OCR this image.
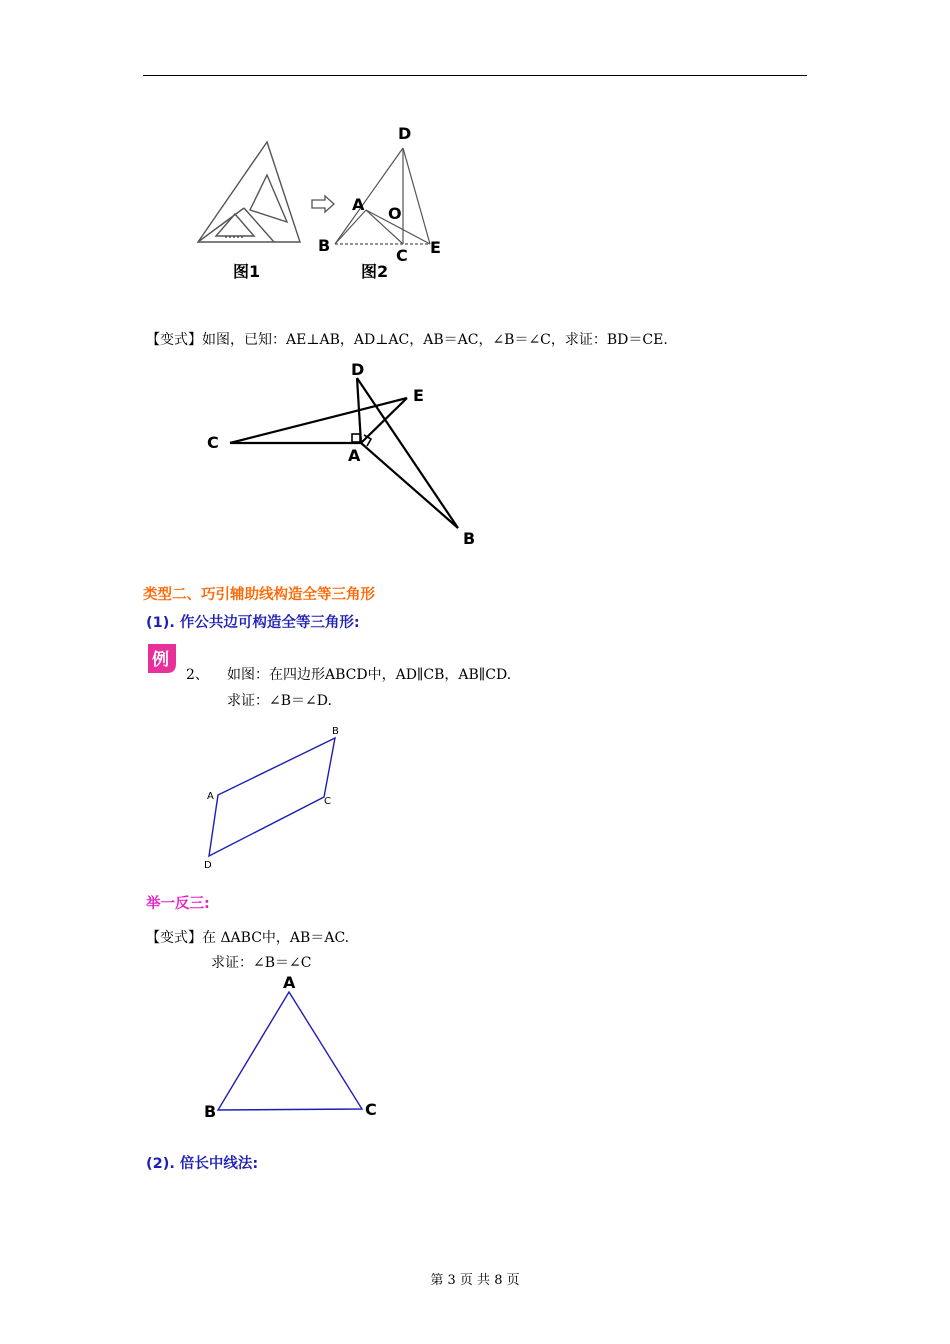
D
A O
B
C E
图1	图2
【变式】如图，已知：AE⊥AB，AD⊥AC，AB＝AC，∠B＝∠C，求证：BD＝CE.
D
E
C
A
B
类型二、巧引辅助线构造全等三角形
(1). 作公共边可构造全等三角形:
例
2、 如图：在四边形ABCD中，AD∥CB，AB∥CD.
求证：∠B＝∠D.
A
B
C
D
举一反三:
【变式】在 ΔABC中，AB＝AC.
求证：∠B＝∠C
A
B	C
(2). 倍长中线法:
第 3 页 共 8 页
